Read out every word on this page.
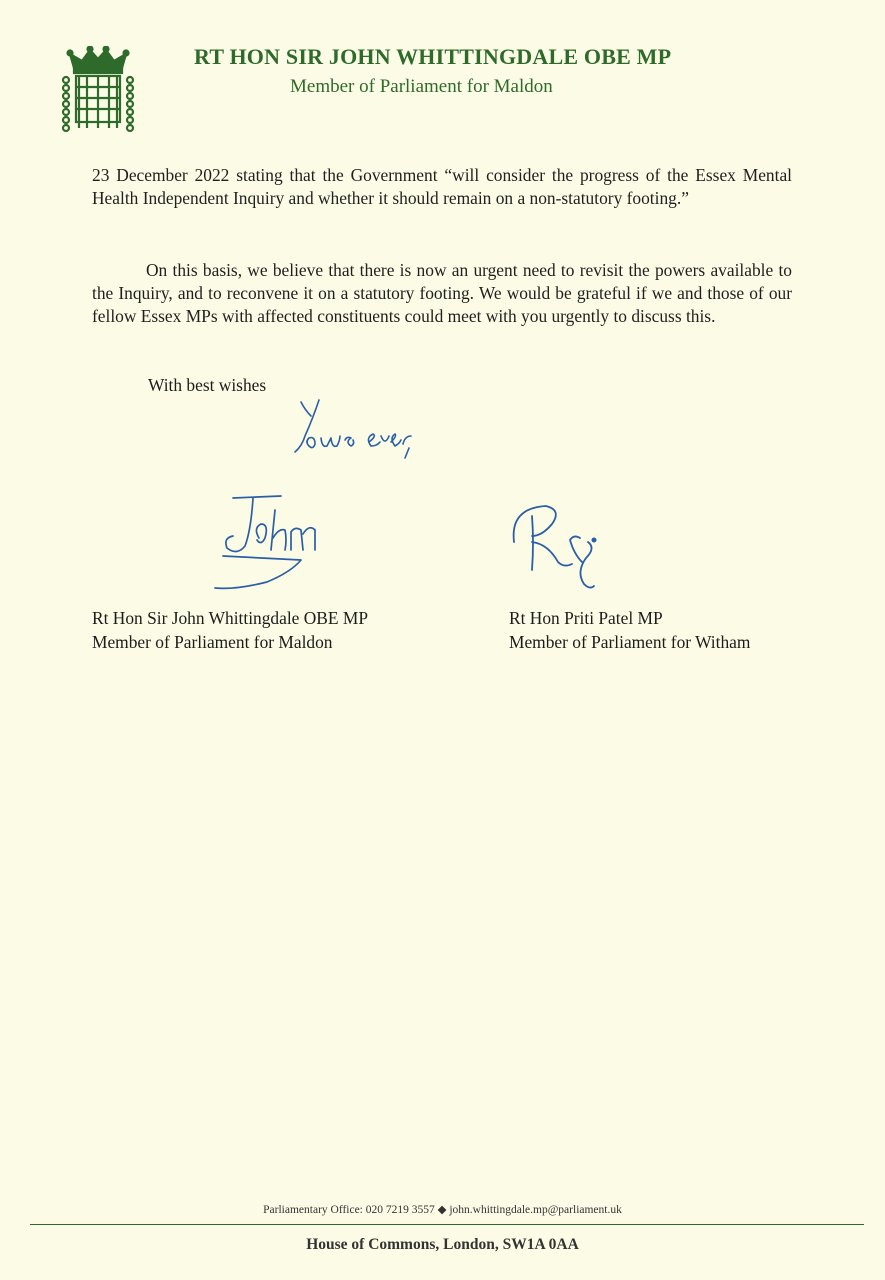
RT HON SIR JOHN WHITTINGDALE OBE MP
Member of Parliament for Maldon
23 December 2022 stating that the Government “will consider the progress of the Essex Mental Health Independent Inquiry and whether it should remain on a non-statutory footing.”
On this basis, we believe that there is now an urgent need to revisit the powers available to the Inquiry, and to reconvene it on a statutory footing. We would be grateful if we and those of our fellow Essex MPs with affected constituents could meet with you urgently to discuss this.
With best wishes
Rt Hon Sir John Whittingdale OBE MP
Member of Parliament for Maldon
Rt Hon Priti Patel MP
Member of Parliament for Witham
Parliamentary Office: 020 7219 3557 ◆ john.whittingdale.mp@parliament.uk
House of Commons, London, SW1A 0AA
